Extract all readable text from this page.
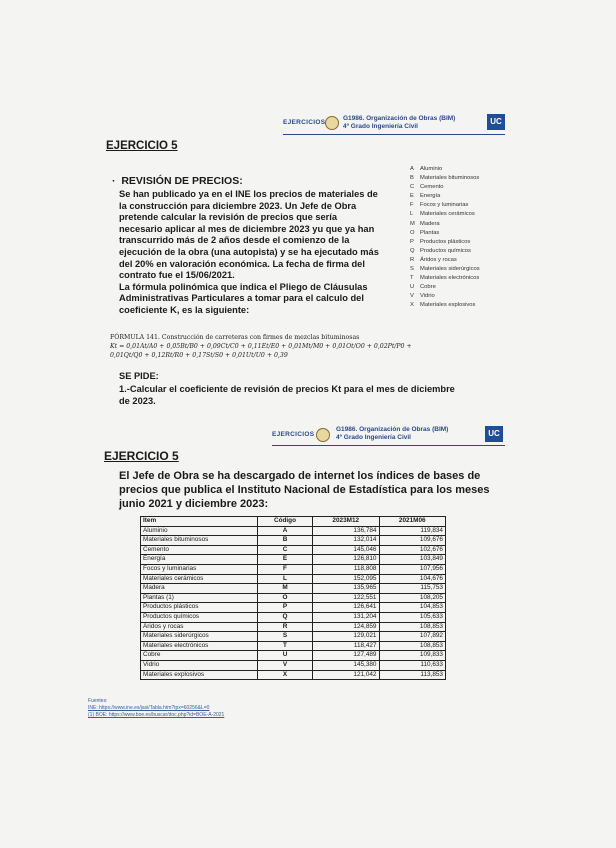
EJERCICIOS
G1986. Organización de Obras (BIM)
4º Grado Ingeniería Civil
UC
EJERCICIO 5
·  REVISIÓN DE PRECIOS:
Se han publicado ya en el INE los precios de materiales de
la construcción para diciembre 2023. Un Jefe de Obra
pretende calcular la revisión de precios que sería
necesario aplicar al mes de diciembre 2023 yu que ya han
transcurrido más de 2 años desde el comienzo de la
ejecución de la obra (una autopista) y se ha ejecutado más
del 20% en valoración económica. La fecha de firma del
contrato fue el 15/06/2021.
La fórmula polinómica que indica el Pliego de Cláusulas
Administrativas Particulares a tomar para el calculo del
coeficiente K, es la siguiente:
A Aluminio
B Materiales bituminosos
C Cemento
E Energía
F Focos y luminarias
L Materiales cerámicos
M Madera
O Plantas
P Productos plásticos
Q Productos químicos
R Áridos y rocas
S Materiales siderúrgicos
T Materiales electrónicos
U Cobre
V Vidrio
X Materiales explosivos
FÓRMULA 141. Construcción de carreteras con firmes de mezclas bituminosas
Kt = 0,01At/A0 + 0,05Bt/B0 + 0,09Ct/C0 + 0,11Et/E0 + 0,01Mt/M0 + 0,01Ot/O0 + 0,02Pt/P0 +
0,01Qt/Q0 + 0,12Rt/R0 + 0,17St/S0 + 0,01Ut/U0 + 0,39
SE PIDE:
1.-Calcular el coeficiente de revisión de precios Kt para el mes de diciembre
de 2023.
EJERCICIOS
G1986. Organización de Obras (BIM)
4º Grado Ingeniería Civil	UC
EJERCICIO 5
El Jefe de Obra se ha descargado de internet los índices de bases de
precios que publica el Instituto Nacional de Estadística para los meses
junio 2021 y diciembre 2023:
Item	Código	2023M12	2021M06
Aluminio	A	136,784	119,834
Materiales bituminosos	B	132,014	109,676
Cemento	C	145,046	102,676
Energía	E	126,810	103,849
Focos y luminarias	F	118,808	107,956
Materiales cerámicos	L	152,095	104,676
Madera	M	135,965	115,753
Plantas (1)	O	122,551	108,205
Productos plásticos	P	126,641	104,853
Productos químicos	Q	131,204	105,633
Áridos y rocas	R	124,859	108,853
Materiales siderúrgicos	S	129,021	107,892
Materiales electrónicos	T	118,427	108,853
Cobre	U	127,489	109,833
Vidrio	V	145,380	110,633
Materiales explosivos	X	121,042	113,853
Fuentes:
INE: https://www.ine.es/jaxi/Tabla.htm?tpx=60256&L=0
(1) BOE: https://www.boe.es/buscar/doc.php?id=BOE-A-2021
